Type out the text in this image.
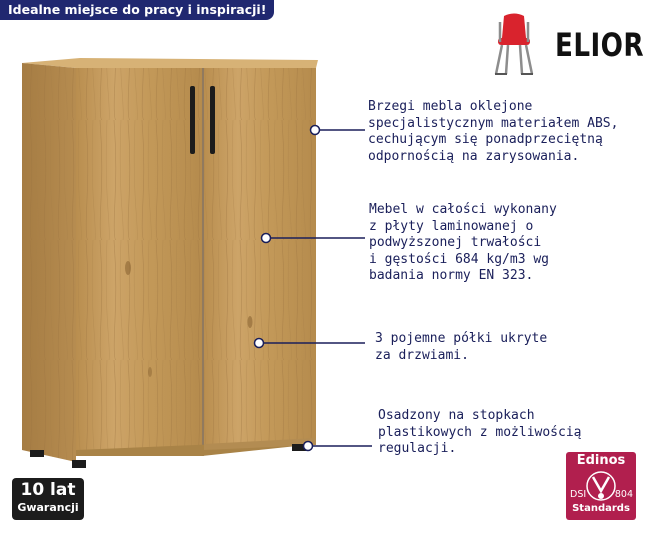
Idealne miejsce do pracy i inspiracji!
ELIOR
Brzegi mebla oklejone
specjalistycznym materiałem ABS,
cechującym się ponadprzeciętną
odpornością na zarysowania.
Mebel w całości wykonany
z płyty laminowanej o
podwyższonej trwałości
i gęstości 684 kg/m3 wg
badania normy EN 323.
3 pojemne półki ukryte
za drzwiami.
Osadzony na stopkach
plastikowych z możliwością
regulacji.
10 lat
Gwarancji
Edinos
DSI	804
Standards
